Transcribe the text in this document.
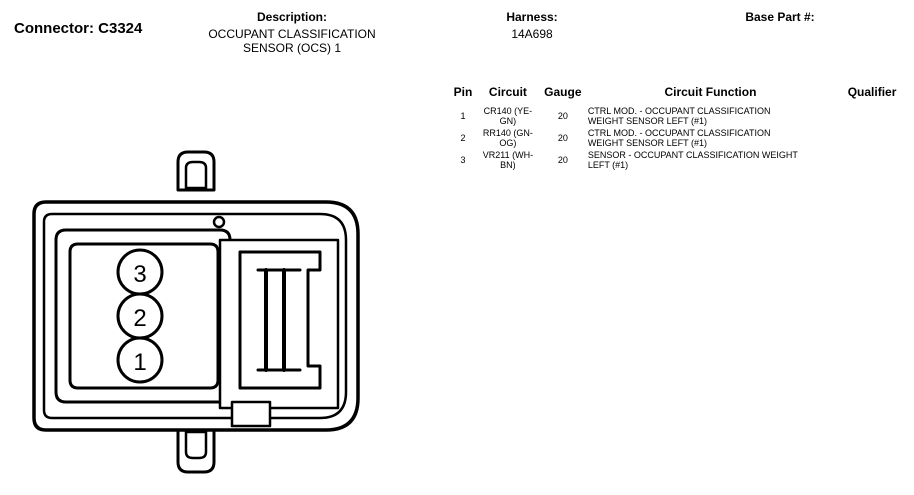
Connector: C3324
Description:
OCCUPANT CLASSIFICATION
SENSOR (OCS) 1
Harness:
14A698
Base Part #:
Pin	Circuit	Gauge	Circuit Function	Qualifier
1	CR140 (YE-
GN)	20	CTRL MOD. - OCCUPANT CLASSIFICATION
WEIGHT SENSOR LEFT (#1)

2	RR140 (GN-
OG)	20	CTRL MOD. - OCCUPANT CLASSIFICATION
WEIGHT SENSOR LEFT (#1)

3	VR211 (WH-
BN)	20	SENSOR - OCCUPANT CLASSIFICATION WEIGHT
LEFT (#1)

3
2
1
